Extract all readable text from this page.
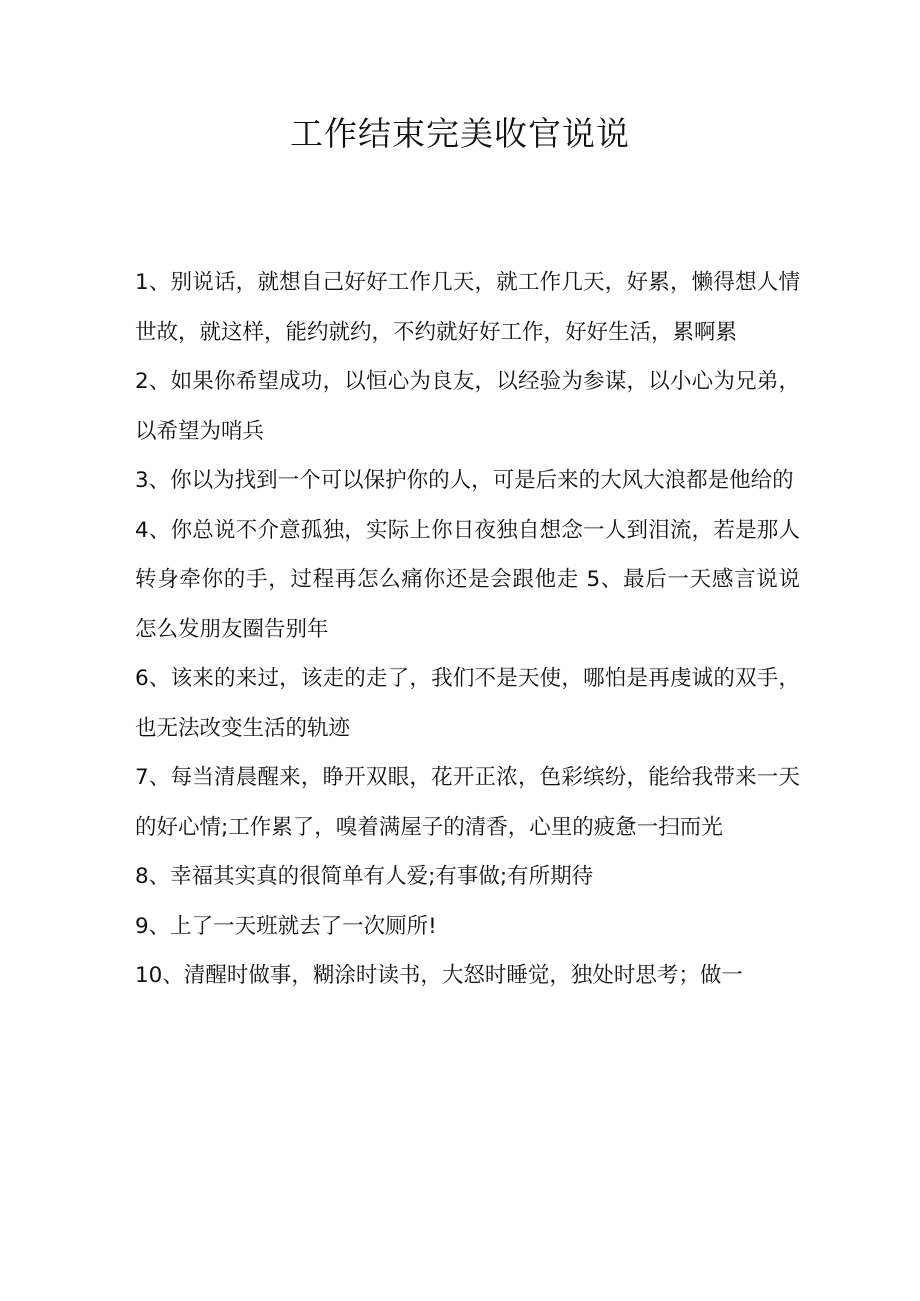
工作结束完美收官说说

1、别说话，就想自己好好工作几天，就工作几天，好累，懒得想人情世故，就这样，能约就约，不约就好好工作，好好生活，累啊累

2、如果你希望成功，以恒心为良友，以经验为参谋，以小心为兄弟，以希望为哨兵

3、你以为找到一个可以保护你的人，可是后来的大风大浪都是他给的

4、你总说不介意孤独，实际上你日夜独自想念一人到泪流，若是那人转身牵你的手，过程再怎么痛你还是会跟他走 5、最后一天感言说说怎么发朋友圈告别年

6、该来的来过，该走的走了，我们不是天使，哪怕是再虔诚的双手，也无法改变生活的轨迹

7、每当清晨醒来，睁开双眼，花开正浓，色彩缤纷，能给我带来一天的好心情;工作累了，嗅着满屋子的清香，心里的疲惫一扫而光

8、幸福其实真的很简单有人爱;有事做;有所期待

9、上了一天班就去了一次厕所!

10、清醒时做事，糊涂时读书，大怒时睡觉，独处时思考；做一
